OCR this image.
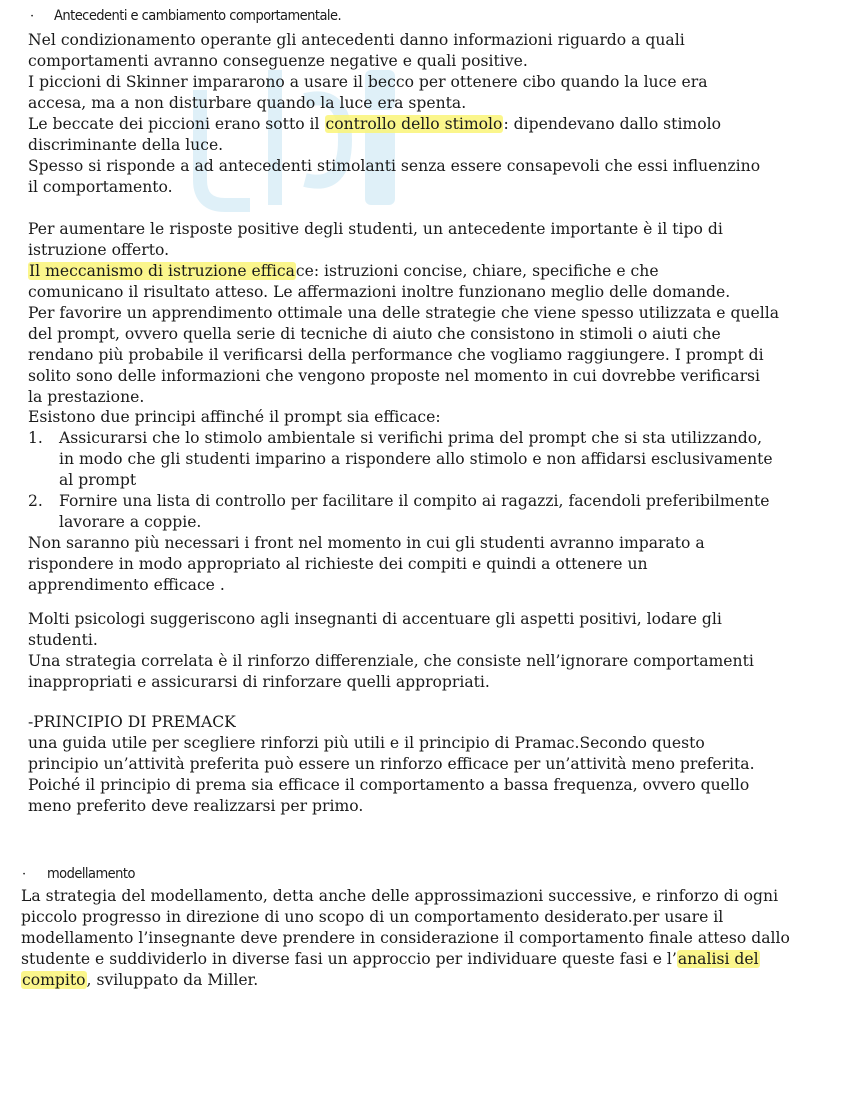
· Antecedenti e cambiamento comportamentale.
Nel condizionamento operante gli antecedenti danno informazioni riguardo a quali
comportamenti avranno conseguenze negative e quali positive.
I piccioni di Skinner impararono a usare il becco per ottenere cibo quando la luce era
accesa, ma a non disturbare quando la luce era spenta.
Le beccate dei piccioni erano sotto il controllo dello stimolo: dipendevano dallo stimolo
discriminante della luce.
Spesso si risponde a ad antecedenti stimolanti senza essere consapevoli che essi influenzino
il comportamento.
Per aumentare le risposte positive degli studenti, un antecedente importante è il tipo di
istruzione offerto.
Il meccanismo di istruzione efficace: istruzioni concise, chiare, specifiche e che
comunicano il risultato atteso. Le affermazioni inoltre funzionano meglio delle domande.
Per favorire un apprendimento ottimale una delle strategie che viene spesso utilizzata e quella
del prompt, ovvero quella serie di tecniche di aiuto che consistono in stimoli o aiuti che
rendano più probabile il verificarsi della performance che vogliamo raggiungere. I prompt di
solito sono delle informazioni che vengono proposte nel momento in cui dovrebbe verificarsi
la prestazione.
Esistono due principi affinché il prompt sia efficace:
1. Assicurarsi che lo stimolo ambientale si verifichi prima del prompt che si sta utilizzando,
in modo che gli studenti imparino a rispondere allo stimolo e non affidarsi esclusivamente
al prompt
2. Fornire una lista di controllo per facilitare il compito ai ragazzi, facendoli preferibilmente
lavorare a coppie.
Non saranno più necessari i front nel momento in cui gli studenti avranno imparato a
rispondere in modo appropriato al richieste dei compiti e quindi a ottenere un
apprendimento efficace .
Molti psicologi suggeriscono agli insegnanti di accentuare gli aspetti positivi, lodare gli
studenti.
Una strategia correlata è il rinforzo differenziale, che consiste nell’ignorare comportamenti
inappropriati e assicurarsi di rinforzare quelli appropriati.
-PRINCIPIO DI PREMACK
una guida utile per scegliere rinforzi più utili e il principio di Pramac.Secondo questo
principio un’attività preferita può essere un rinforzo efficace per un’attività meno preferita.
Poiché il principio di prema sia efficace il comportamento a bassa frequenza, ovvero quello
meno preferito deve realizzarsi per primo.
· modellamento
La strategia del modellamento, detta anche delle approssimazioni successive, e rinforzo di ogni
piccolo progresso in direzione di uno scopo di un comportamento desiderato.per usare il
modellamento l’insegnante deve prendere in considerazione il comportamento finale atteso dallo
studente e suddividerlo in diverse fasi un approccio per individuare queste fasi e l’analisi del
compito, sviluppato da Miller.
